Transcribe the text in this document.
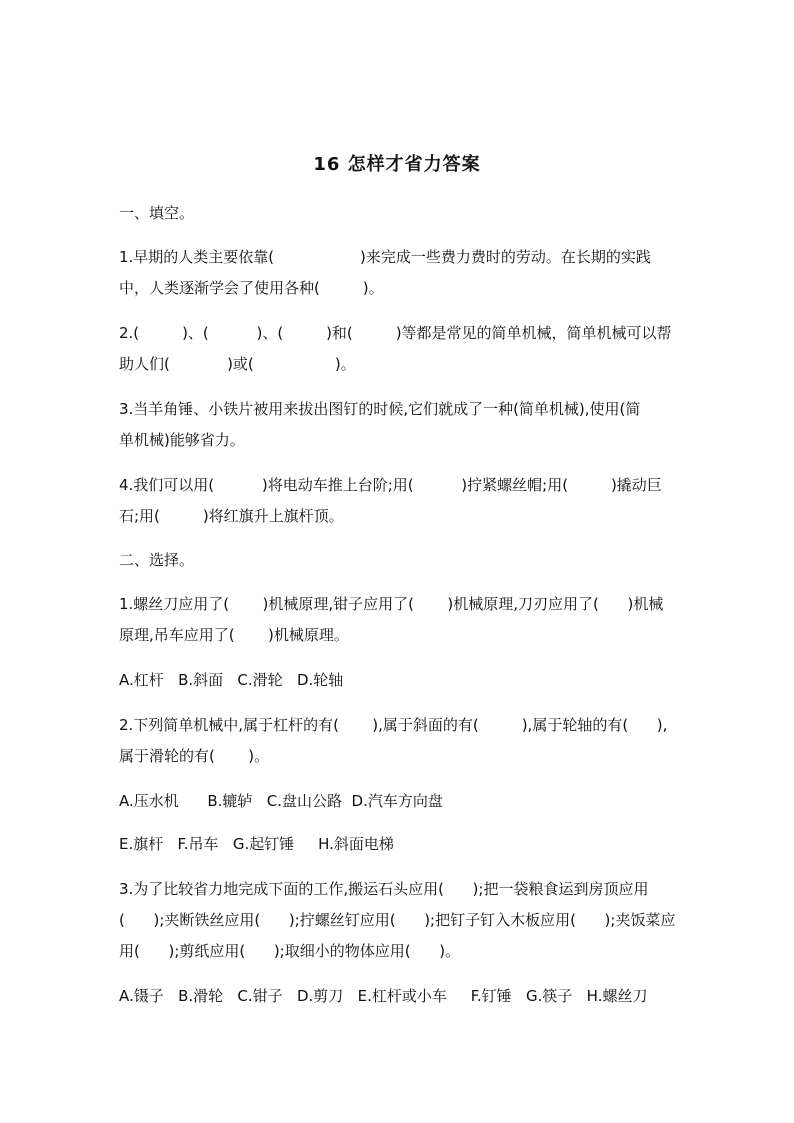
16 怎样才省力答案
一、填空。
1.早期的人类主要依靠(                  )来完成一些费力费时的劳动。在长期的实践
中，人类逐渐学会了使用各种(         )。
2.(         )、(          )、(         )和(         )等都是常见的简单机械，简单机械可以帮
助人们(            )或(                 )。
3.当羊角锤、小铁片被用来拔出图钉的时候,它们就成了一种(简单机械),使用(简
单机械)能够省力。
4.我们可以用(          )将电动车推上台阶;用(          )拧紧螺丝帽;用(         )撬动巨
石;用(         )将红旗升上旗杆顶。
二、选择。
1.螺丝刀应用了(       )机械原理,钳子应用了(       )机械原理,刀刃应用了(      )机械
原理,吊车应用了(       )机械原理。
A.杠杆   B.斜面   C.滑轮   D.轮轴
2.下列简单机械中,属于杠杆的有(       ),属于斜面的有(         ),属于轮轴的有(      ),
属于滑轮的有(       )。
A.压水机      B.辘轳   C.盘山公路  D.汽车方向盘
E.旗杆   F.吊车   G.起钉锤     H.斜面电梯
3.为了比较省力地完成下面的工作,搬运石头应用(      );把一袋粮食运到房顶应用
(      );夹断铁丝应用(      );拧螺丝钉应用(      );把钉子钉入木板应用(      );夹饭菜应
用(      );剪纸应用(      );取细小的物体应用(      )。
A.镊子   B.滑轮   C.钳子   D.剪刀   E.杠杆或小车     F.钉锤   G.筷子   H.螺丝刀
